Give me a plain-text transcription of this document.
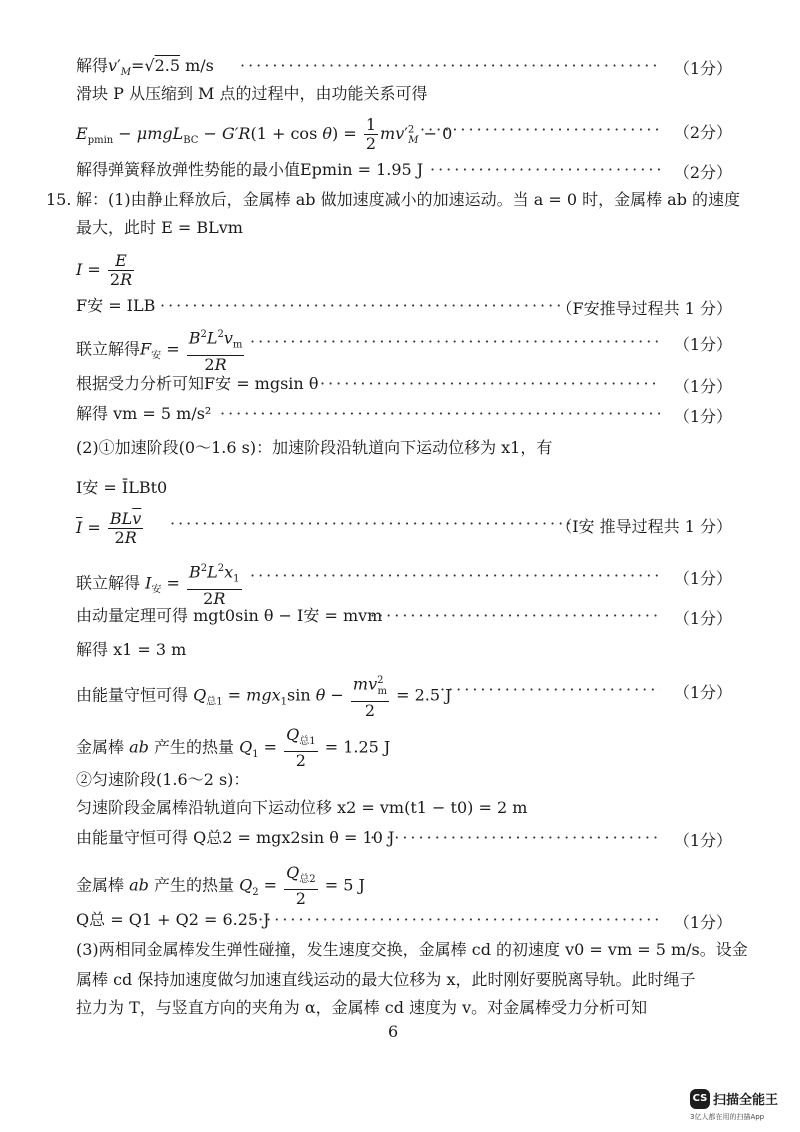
解得$v'_M=√2.5$ m/s ·····	（1分）
滑块 P 从压缩到 M 点的过程中，由功能关系可得
$E_{pmin} - \mu mgL_{BC} - G'R(1 + \cos \theta) = \frac{1}{2} mv'^2_M - 0$ ·····	（2分）
解得弹簧释放弹性势能的最小值Epmin = 1.95 J ·····	（2分）
15. 解：(1)由静止释放后，金属棒 ab 做加速度减小的加速运动。当 a = 0 时，金属棒 ab 的速度
最大，此时 E = BLvm
$I = \frac{E}{2R}$
F安 = ILB ·····	（F安推导过程共 1 分）
联立解得$F_安 = \frac{B^2L^2v_m}{2R}$ ·····	（1分）
根据受力分析可知F安 = mgsin θ ·····	（1分）
解得 vm = 5 m/s² ·····	（1分）
(2)①加速阶段(0～1.6 s)：加速阶段沿轨道向下运动位移为 x1，有
I安 = ĪLBt0
$\overline{I} = \frac{BL\overline{v}}{2R}$ ·····	（I安 推导过程共 1 分）
联立解得 $I_安 = \frac{B^2L^2x_1}{2R}$ ·····	（1分）
由动量定理可得 mgt0sin θ − I安 = mvm ·····	（1分）
解得 x1 = 3 m
由能量守恒可得 $Q_{总1} = mgx_1\sin$ $\theta - \frac{mv^2_m}{2} = 2.5$ J ·····	（1分）
金属棒 ab 产生的热量 $Q_1 = \frac{Q_{总1}}{2} = 1.25$ J
②匀速阶段(1.6～2 s)：
匀速阶段金属棒沿轨道向下运动位移 x2 = vm(t1 − t0) = 2 m
由能量守恒可得 Q总2 = mgx2sin θ = 10 J ·····	（1分）
金属棒 ab 产生的热量 $Q_2 = \frac{Q_{总2}}{2} = 5$ J
Q总 = Q1 + Q2 = 6.25 J ·····	（1分）
(3)两相同金属棒发生弹性碰撞，发生速度交换，金属棒 cd 的初速度 v0 = vm = 5 m/s。设金
属棒 cd 保持加速度做匀加速直线运动的最大位移为 x，此时刚好要脱离导轨。此时绳子
拉力为 T，与竖直方向的夹角为 α，金属棒 cd 速度为 v。对金属棒受力分析可知
6
CS 扫描全能王
3亿人都在用的扫描App
